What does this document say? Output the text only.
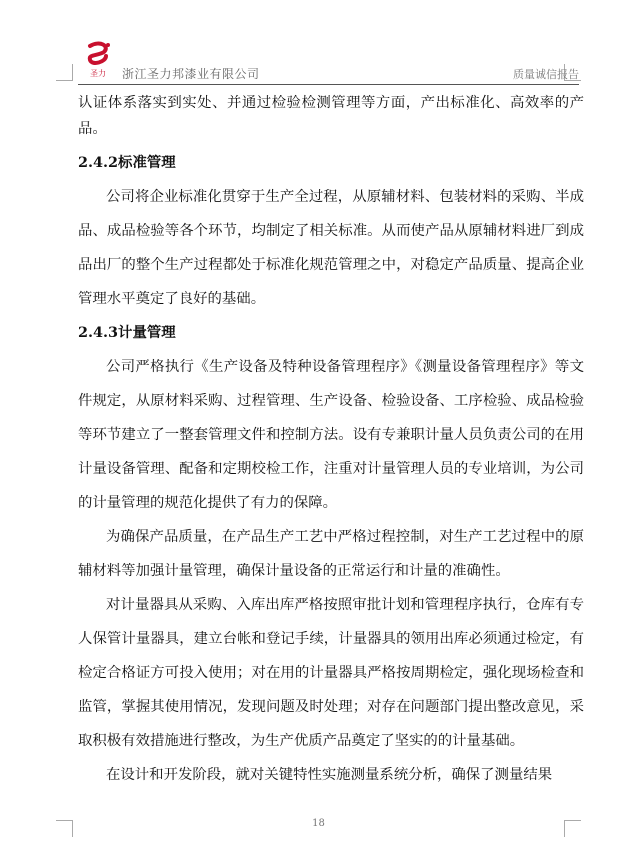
圣力 浙江圣力邦漆业有限公司	质量诚信报告

认证体系落实到实处、并通过检验检测管理等方面，产出标准化、高效率的产品。

2.4.2标准管理

公司将企业标准化贯穿于生产全过程，从原辅材料、包装材料的采购、半成品、成品检验等各个环节，均制定了相关标准。从而使产品从原辅材料进厂到成品出厂的整个生产过程都处于标准化规范管理之中，对稳定产品质量、提高企业管理水平奠定了良好的基础。

2.4.3计量管理

公司严格执行《生产设备及特种设备管理程序》《测量设备管理程序》等文件规定，从原材料采购、过程管理、生产设备、检验设备、工序检验、成品检验等环节建立了一整套管理文件和控制方法。设有专兼职计量人员负责公司的在用计量设备管理、配备和定期校检工作，注重对计量管理人员的专业培训，为公司的计量管理的规范化提供了有力的保障。

为确保产品质量，在产品生产工艺中严格过程控制，对生产工艺过程中的原辅材料等加强计量管理，确保计量设备的正常运行和计量的准确性。

对计量器具从采购、入库出库严格按照审批计划和管理程序执行，仓库有专人保管计量器具，建立台帐和登记手续，计量器具的领用出库必须通过检定，有检定合格证方可投入使用；对在用的计量器具严格按周期检定，强化现场检查和监管，掌握其使用情况，发现问题及时处理；对存在问题部门提出整改意见，采取积极有效措施进行整改，为生产优质产品奠定了坚实的的计量基础。

在设计和开发阶段，就对关键特性实施测量系统分析，确保了测量结果

18
